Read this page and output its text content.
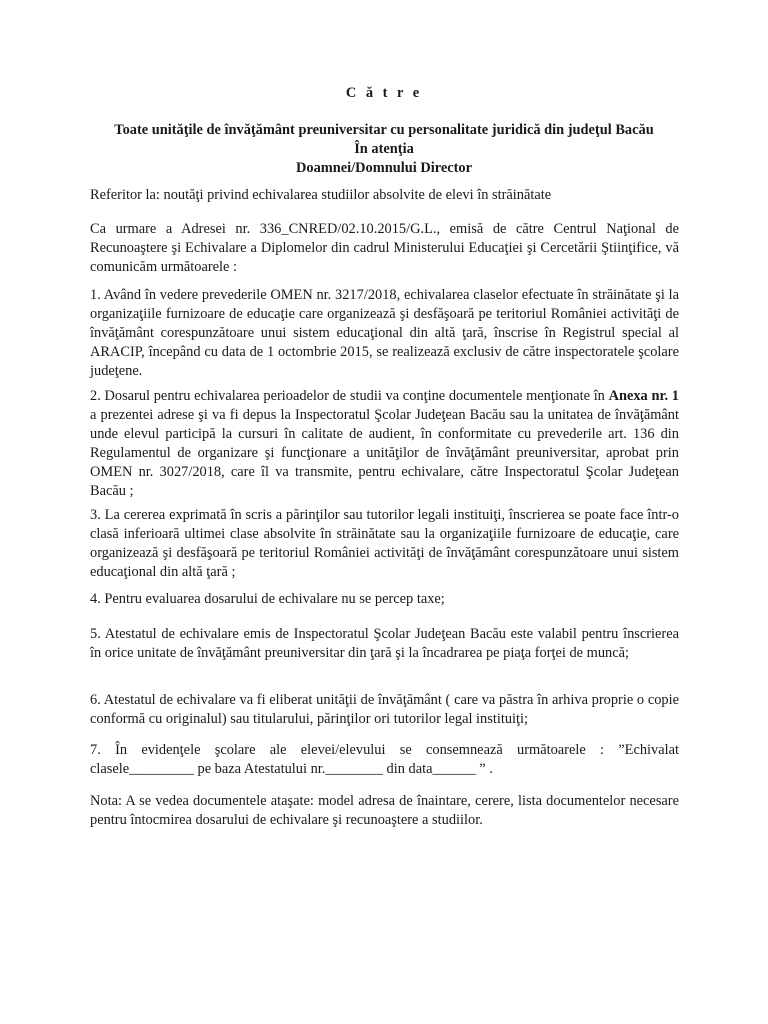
C ă t r e
Toate unităţile de învăţământ preuniversitar cu personalitate juridică din judeţul Bacău
În atenţia
Doamnei/Domnului Director

Referitor la: noutăţi privind echivalarea studiilor absolvite de elevi în străinătate

Ca urmare a Adresei nr. 336_CNRED/02.10.2015/G.L., emisă de către Centrul Naţional de Recunoaştere şi Echivalare a Diplomelor din cadrul Ministerului Educaţiei şi Cercetării Ştiinţifice, vă comunicăm următoarele :

1. Având în vedere prevederile OMEN nr. 3217/2018, echivalarea claselor efectuate în străinătate şi la organizaţiile furnizoare de educaţie care organizează şi desfăşoară pe teritoriul României activităţi de învăţământ corespunzătoare unui sistem educaţional din altă ţară, înscrise în Registrul special al ARACIP, începând cu data de 1 octombrie 2015, se realizează exclusiv de către inspectoratele şcolare judeţene.

2. Dosarul pentru echivalarea perioadelor de studii va conţine documentele menţionate în Anexa nr. 1 a prezentei adrese şi va fi depus la Inspectoratul Şcolar Judeţean Bacău sau la unitatea de învăţământ unde elevul participă la cursuri în calitate de audient, în conformitate cu prevederile art. 136 din Regulamentul de organizare şi funcţionare a unităţilor de învăţământ preuniversitar, aprobat prin OMEN nr. 3027/2018, care îl va transmite, pentru echivalare, către Inspectoratul Şcolar Judeţean Bacău ;

3. La cererea exprimată în scris a părinţilor sau tutorilor legali instituiţi, înscrierea se poate face într-o clasă inferioară ultimei clase absolvite în străinătate sau la organizaţiile furnizoare de educaţie, care organizează şi desfăşoară pe teritoriul României activităţi de învăţământ corespunzătoare unui sistem educaţional din altă ţară ;

4. Pentru evaluarea dosarului de echivalare nu se percep taxe;

5. Atestatul de echivalare emis de Inspectoratul Şcolar Judeţean Bacău este valabil pentru înscrierea în orice unitate de învăţământ preuniversitar din ţară şi la încadrarea pe piaţa forţei de muncă;

6. Atestatul de echivalare va fi eliberat unităţii de învăţământ ( care va păstra în arhiva proprie o copie conformă cu originalul) sau titularului, părinţilor ori tutorilor legal instituiţi;

7. În evidenţele şcolare ale elevei/elevului se consemnează următoarele : ”Echivalat clasele_________ pe baza Atestatului nr.________ din data______ ” .

Nota: A se vedea documentele ataşate: model adresa de înaintare, cerere, lista documentelor necesare pentru întocmirea dosarului de echivalare şi recunoaştere a studiilor.
